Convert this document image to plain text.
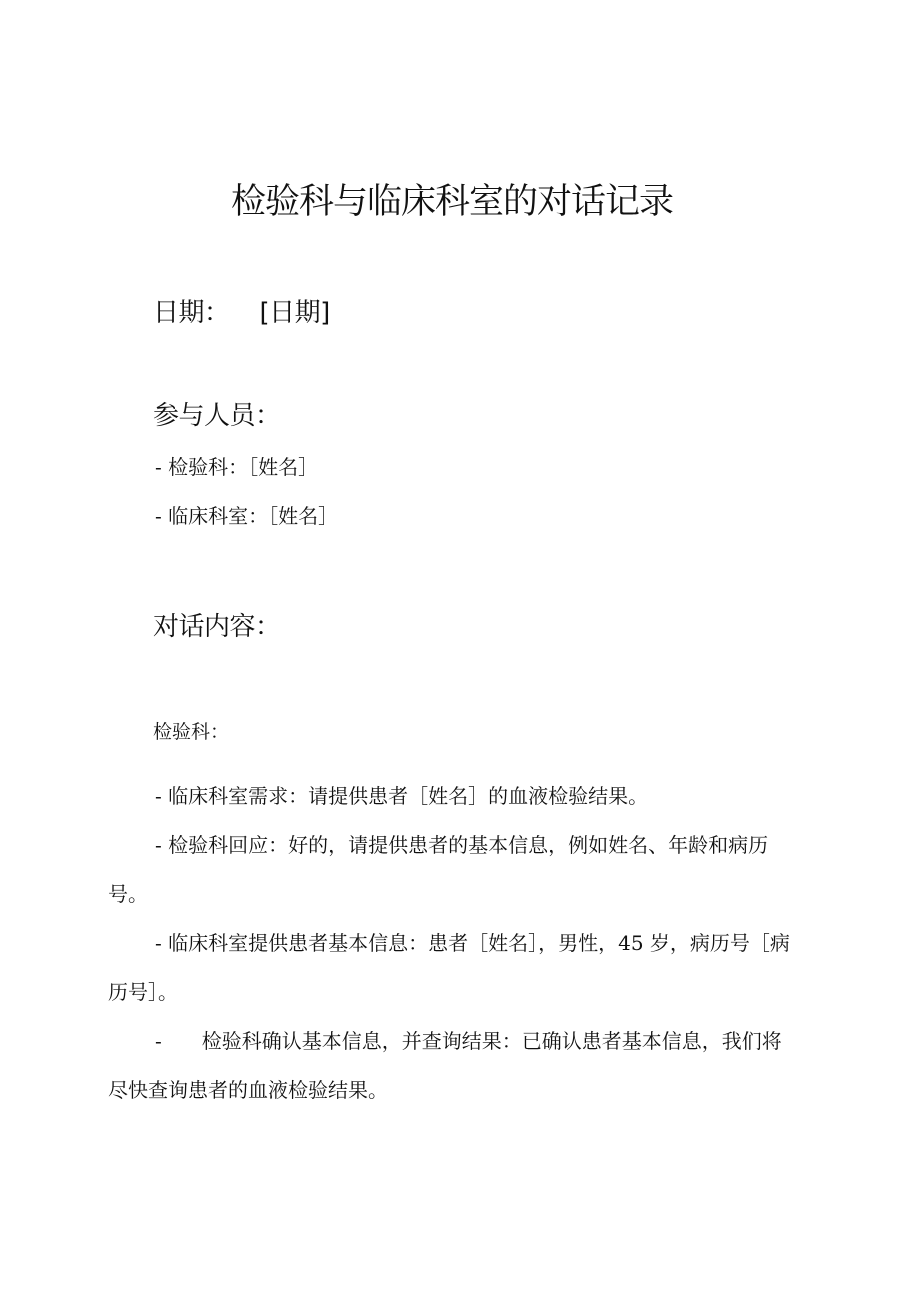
检验科与临床科室的对话记录
日期： [日期]
参与人员：
- 检验科：［姓名］
- 临床科室：［姓名］
对话内容：
检验科：

- 临床科室需求：请提供患者［姓名］的血液检验结果。

- 检验科回应：好的，请提供患者的基本信息，例如姓名、年龄和病历号。

- 临床科室提供患者基本信息：患者［姓名］，男性，45 岁，病历号［病历号］。

-　　检验科确认基本信息，并查询结果：已确认患者基本信息，我们将尽快查询患者的血液检验结果。
